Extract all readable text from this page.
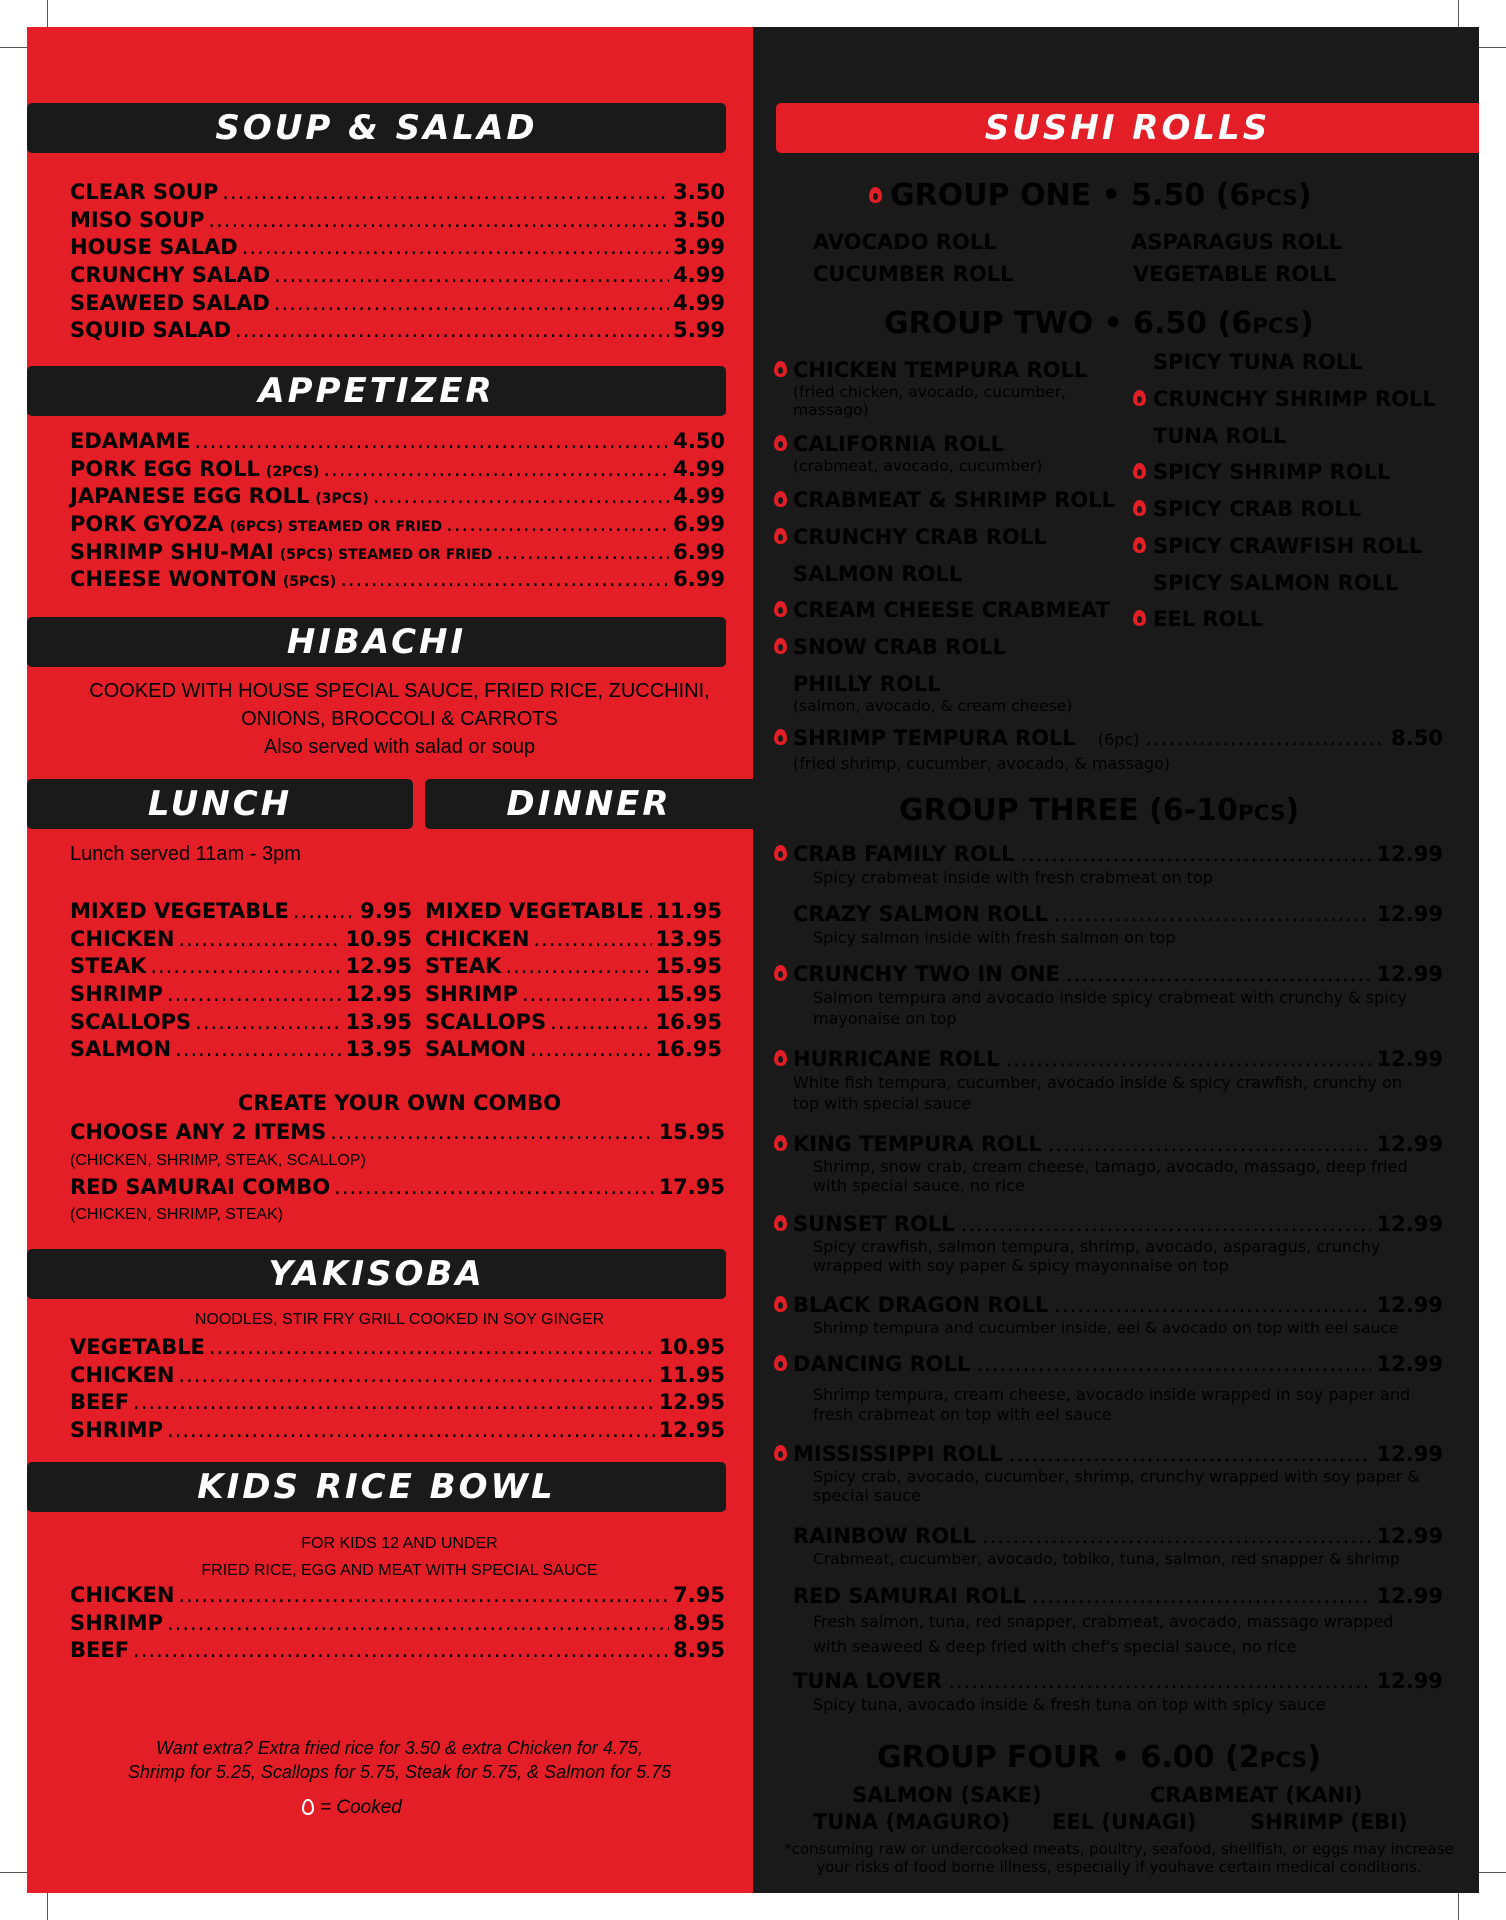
SOUP & SALAD
CLEAR SOUP .....	3.50
MISO SOUP .....	3.50
HOUSE SALAD .....	3.99
CRUNCHY SALAD .....	4.99
SEAWEED SALAD .....	4.99
SQUID SALAD .....	5.99
APPETIZER
EDAMAME .....	4.50
PORK EGG ROLL (2PCS) .....	4.99
JAPANESE EGG ROLL (3PCS) .....	4.99
PORK GYOZA (6PCS) STEAMED OR FRIED .....	6.99
SHRIMP SHU-MAI (5PCS) STEAMED OR FRIED .....	6.99
CHEESE WONTON (5PCS) .....	6.99
HIBACHI
COOKED WITH HOUSE SPECIAL SAUCE, FRIED RICE, ZUCCHINI,
ONIONS, BROCCOLI & CARROTS
Also served with salad or soup
LUNCH	DINNER
Lunch served 11am - 3pm
MIXED VEGETABLE .....	9.95
CHICKEN .....	10.95
STEAK .....	12.95
SHRIMP .....	12.95
SCALLOPS .....	13.95
SALMON .....	13.95
MIXED VEGETABLE ..... 11.95
CHICKEN .....	13.95
STEAK .....	15.95
SHRIMP .....	15.95
SCALLOPS .....	16.95
SALMON .....	16.95
CREATE YOUR OWN COMBO
CHOOSE ANY 2 ITEMS .....	15.95
(CHICKEN, SHRIMP, STEAK, SCALLOP)
RED SAMURAI COMBO .....	17.95
(CHICKEN, SHRIMP, STEAK)
YAKISOBA
NOODLES, STIR FRY GRILL COOKED IN SOY GINGER
VEGETABLE .....	10.95
CHICKEN .....	11.95
BEEF .....	12.95
SHRIMP .....	12.95
KIDS RICE BOWL
FOR KIDS 12 AND UNDER
FRIED RICE, EGG AND MEAT WITH SPECIAL SAUCE
CHICKEN .....	7.95
SHRIMP .....	8.95
BEEF .....	8.95
Want extra? Extra fried rice for 3.50 & extra Chicken for 4.75,
Shrimp for 5.25, Scallops for 5.75, Steak for 5.75, & Salmon for 5.75
= Cooked
SUSHI ROLLS
GROUP ONE • 5.50 (6PCS)
AVOCADO ROLL	ASPARAGUS ROLL
CUCUMBER ROLL	VEGETABLE ROLL
GROUP TWO • 6.50 (6PCS)
CHICKEN TEMPURA ROLL
(fried chicken, avocado, cucumber,
massago)
CALIFORNIA ROLL
(crabmeat, avocado, cucumber)
CRABMEAT & SHRIMP ROLL
CRUNCHY CRAB ROLL
SALMON ROLL
CREAM CHEESE CRABMEAT
SNOW CRAB ROLL
PHILLY ROLL
(salmon, avocado, & cream cheese)
SPICY TUNA ROLL
CRUNCHY SHRIMP ROLL
TUNA ROLL
SPICY SHRIMP ROLL
SPICY CRAB ROLL
SPICY CRAWFISH ROLL
SPICY SALMON ROLL
EEL ROLL
SHRIMP TEMPURA ROLL (6pc) .....	8.50
(fried shrimp, cucumber, avocado, & massago)
GROUP THREE (6-10PCS)
CRAB FAMILY ROLL .....	12.99
Spicy crabmeat inside with fresh crabmeat on top
CRAZY SALMON ROLL .....	12.99
Spicy salmon inside with fresh salmon on top
CRUNCHY TWO IN ONE .....	12.99
Salmon tempura and avocado inside spicy crabmeat with crunchy & spicy mayonaise on top
HURRICANE ROLL .....	12.99
White fish tempura, cucumber, avocado inside & spicy crawfish, crunchy on top with special sauce
KING TEMPURA ROLL .....	12.99
Shrimp, snow crab, cream cheese, tamago, avocado, massago, deep fried with special sauce, no rice
SUNSET ROLL .....	12.99
Spicy crawfish, salmon tempura, shrimp, avocado, asparagus, crunchy wrapped with soy paper & spicy mayonnaise on top
BLACK DRAGON ROLL .....	12.99
Shrimp tempura and cucumber inside, eel & avocado on top with eel sauce
DANCING ROLL .....	12.99
Shrimp tempura, cream cheese, avocado inside wrapped in soy paper and fresh crabmeat on top with eel sauce
MISSISSIPPI ROLL .....	12.99
Spicy crab, avocado, cucumber, shrimp, crunchy wrapped with soy paper & special sauce
RAINBOW ROLL .....	12.99
Crabmeat, cucumber, avocado, tobiko, tuna, salmon, red snapper & shrimp
RED SAMURAI ROLL .....	12.99
Fresh salmon, tuna, red snapper, crabmeat, avocado, massago wrapped with seaweed & deep fried with chef's special sauce, no rice
TUNA LOVER .....	12.99
Spicy tuna, avocado inside & fresh tuna on top with spicy sauce
GROUP FOUR • 6.00 (2PCS)
SALMON (SAKE)	CRABMEAT (KANI)
TUNA (MAGURO) EEL (UNAGI)	SHRIMP (EBI)
*consuming raw or undercooked meats, poultry, seafood, shellfish, or eggs may increase
your risks of food borne illness, especially if youhave certain medical conditions.
